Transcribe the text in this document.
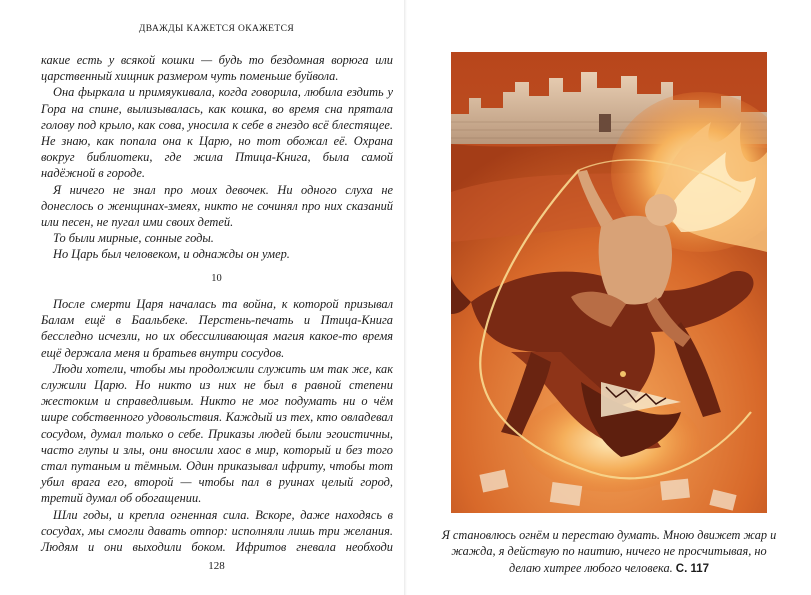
ДВАЖДЫ КАЖЕТСЯ ОКАЖЕТСЯ

какие есть у всякой кошки — будь то бездомная ворюга или царственный хищник размером чуть поменьше буйвола.

Она фыркала и примяукивала, когда говорила, любила ездить у Гора на спине, вылизывалась, как кошка, во время сна прятала голову под крыло, как сова, уносила к себе в гнездо всё блестящее. Не знаю, как попала она к Царю, но тот обожал её. Охрана вокруг библиотеки, где жила Птица-Книга, была самой надёжной в городе.

Я ничего не знал про моих девочек. Ни одного слуха не донеслось о женщинах-змеях, никто не сочинял про них сказаний или песен, не пугал ими своих детей.

То были мирные, сонные годы.

Но Царь был человеком, и однажды он умер.

10

После смерти Царя началась та война, к которой призывал Балам ещё в Баальбеке. Перстень-печать и Птица-Книга бесследно исчезли, но их обессиливающая магия какое-то время ещё держала меня и братьев внутри сосудов.

Люди хотели, чтобы мы продолжили служить им так же, как служили Царю. Но никто из них не был в равной степени жестоким и справедливым. Никто не мог подумать ни о чём шире собственного удовольствия. Каждый из тех, кто овладевал сосудом, думал только о себе. Приказы людей были эгоистичны, часто глупы и злы, они вносили хаос в мир, который и без того стал путаным и тёмным. Один приказывал ифриту, чтобы тот убил врага его, второй — чтобы пал в руинах целый город, третий думал об обогащении.

Шли годы, и крепла огненная сила. Вскоре, даже находясь в сосудах, мы смогли давать отпор: исполняли лишь три желания. Людям и они выходили боком. Ифритов гневала необходи

128
Я становлюсь огнём и перестаю думать. Мною движет жар и жажда, я действую по наитию, ничего не просчитывая, но делаю хитрее любого человека. С. 117
